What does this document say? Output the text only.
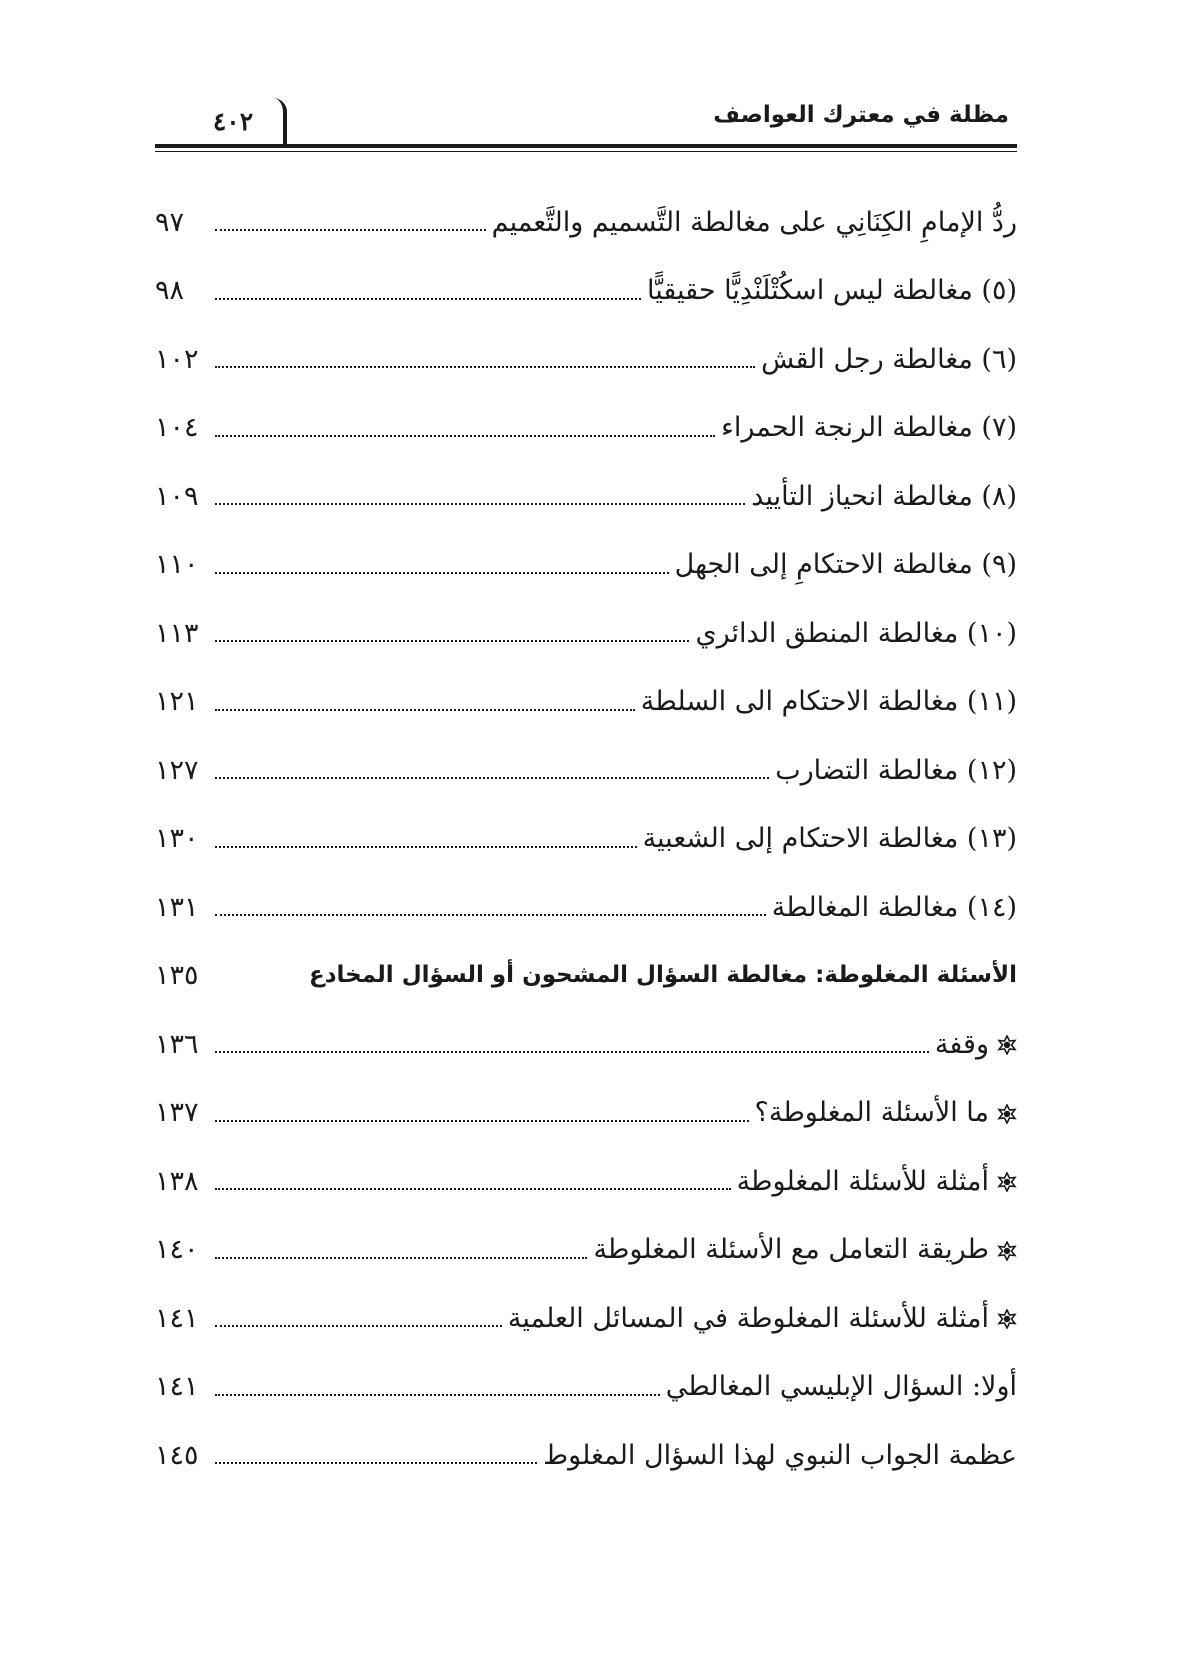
٤٠٢	مظلة في معترك العواصف
ردُّ الإمامِ الكِنَانِي على مغالطة التَّسميم والتَّعميم
٩٧
(٥) مغالطة ليس اسكُتْلَنْدِيًّا حقيقيًّا
٩٨
(٦) مغالطة رجل القش
١٠٢
(٧) مغالطة الرنجة الحمراء
١٠٤
(٨) مغالطة انحياز التأييد
١٠٩
(٩) مغالطة الاحتكامِ إلى الجهل
١١٠
(١٠) مغالطة المنطق الدائري
١١٣
(١١) مغالطة الاحتكام الى السلطة
١٢١
(١٢) مغالطة التضارب
١٢٧
(١٣) مغالطة الاحتكام إلى الشعبية
١٣٠
(١٤) مغالطة المغالطة
١٣١
الأسئلة المغلوطة: مغالطة السؤال المشحون أو السؤال المخادع
١٣٥
وقفة
١٣٦
ما الأسئلة المغلوطة؟
١٣٧
أمثلة للأسئلة المغلوطة
١٣٨
طريقة التعامل مع الأسئلة المغلوطة
١٤٠
أمثلة للأسئلة المغلوطة في المسائل العلمية
١٤١
أولا: السؤال الإبليسي المغالطي
١٤١
عظمة الجواب النبوي لهذا السؤال المغلوط
١٤٥
